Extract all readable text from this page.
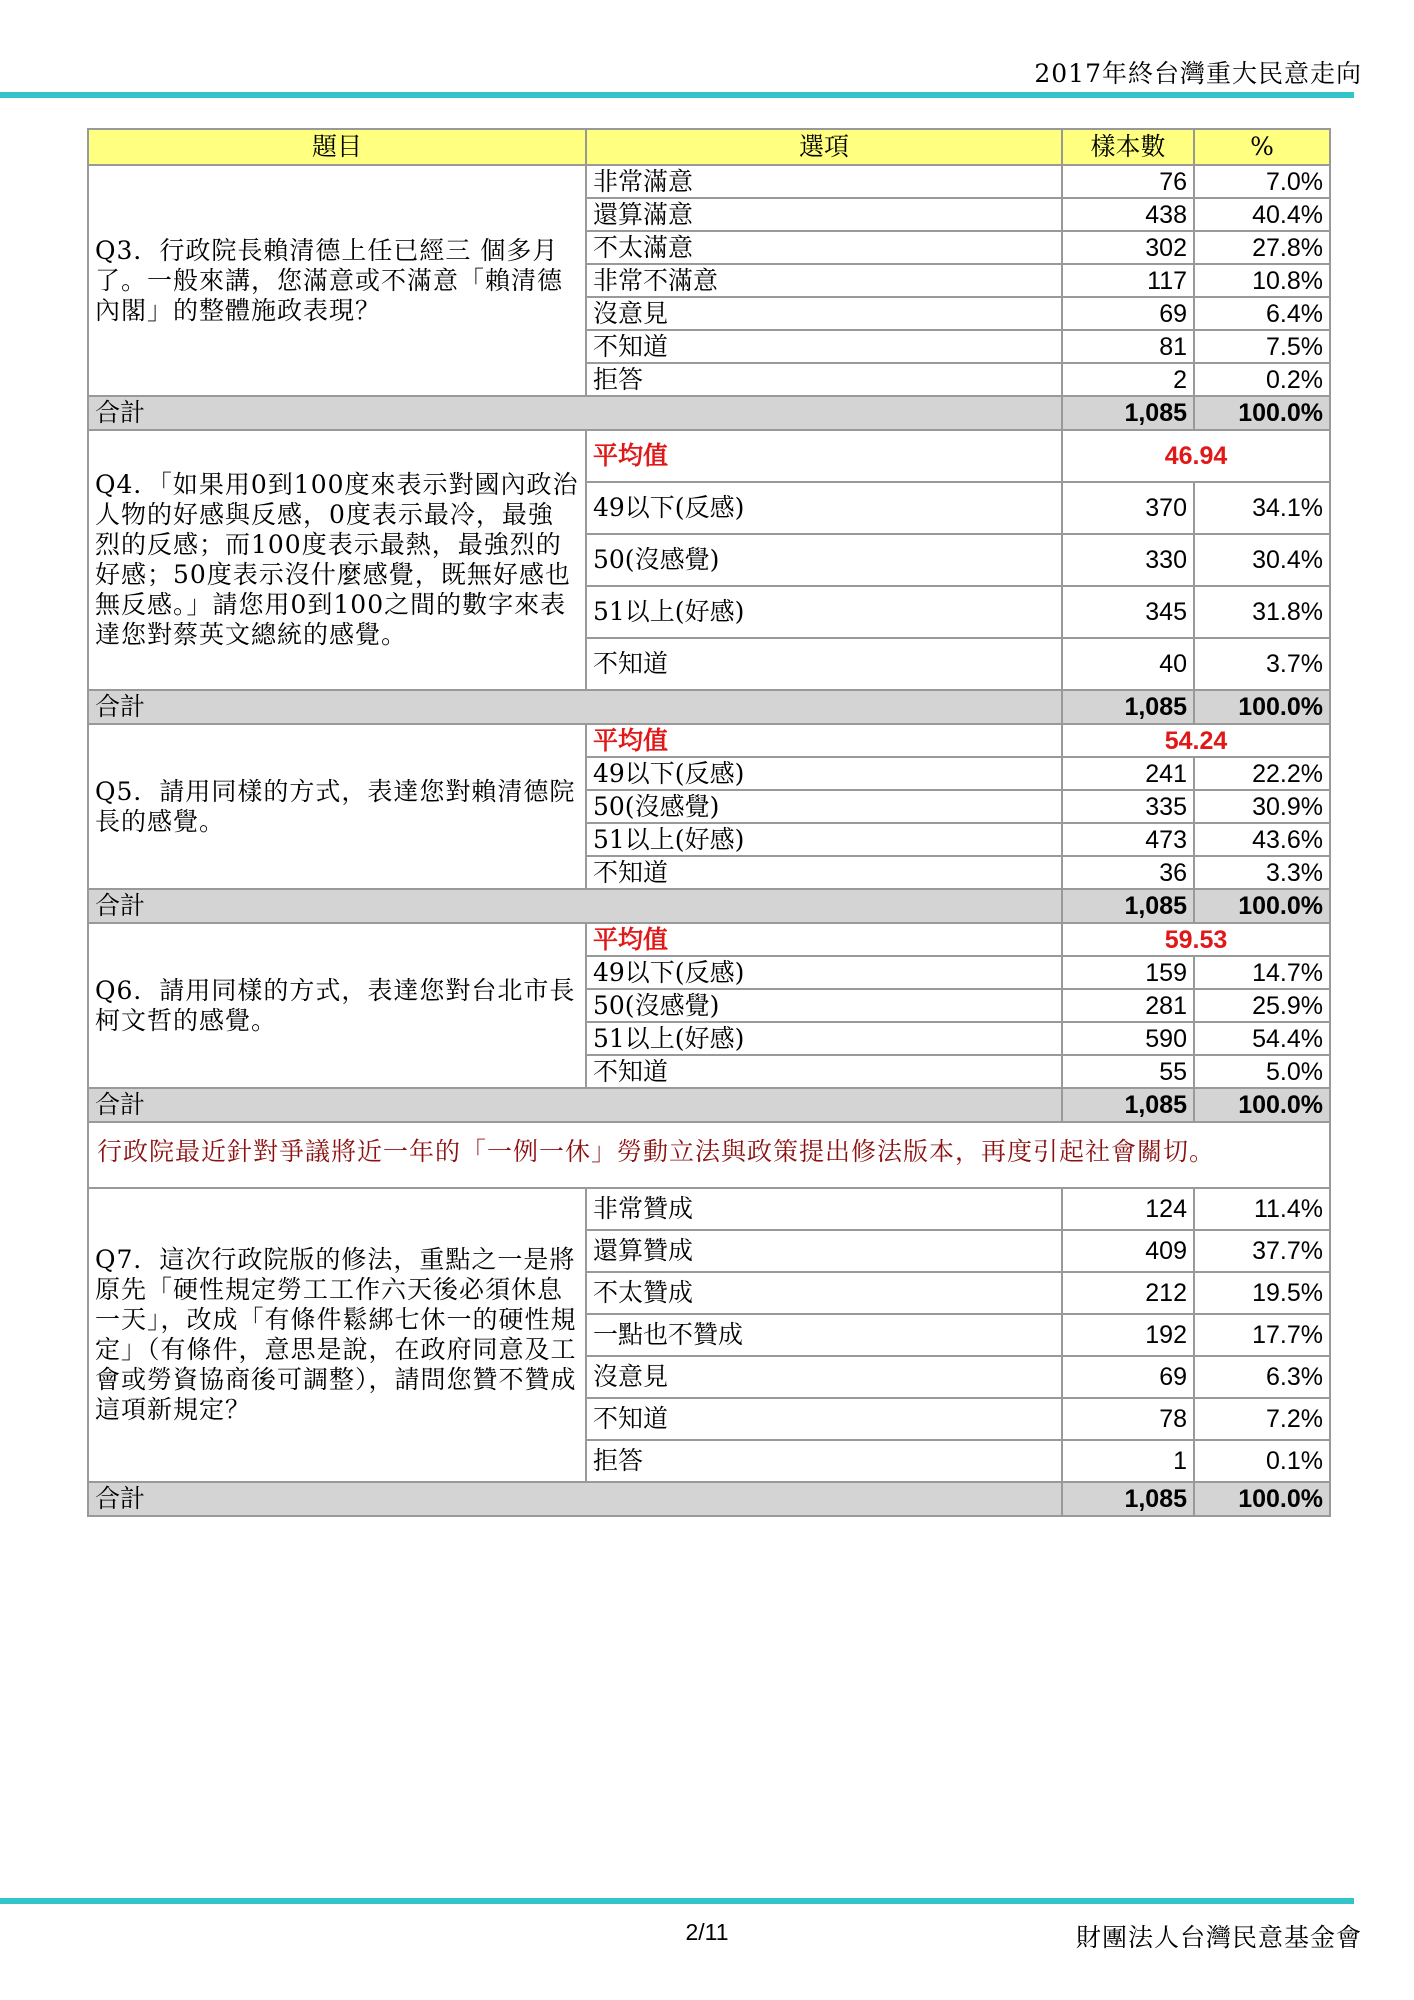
2017年終台灣重大民意走向
題目	選項	樣本數	%
Q3．行政院長賴清德上任已經三 個多月了。一般來講，您滿意或不滿意「賴清德內閣」的整體施政表現？	非常滿意	76	7.0%
	還算滿意	438	40.4%
	不太滿意	302	27.8%
	非常不滿意	117	10.8%
	沒意見	69	6.4%
	不知道	81	7.5%
	拒答	2	0.2%
合計		1,085	100.0%
Q4．「如果用0到100度來表示對國內政治人物的好感與反感，0度表示最冷，最強烈的反感；而100度表示最熱，最強烈的好感；50度表示沒什麼感覺，既無好感也無反感。」請您用0到100之間的數字來表達您對蔡英文總統的感覺。	平均值	46.94	
	49以下(反感)	370	34.1%
	50(沒感覺)	330	30.4%
	51以上(好感)	345	31.8%
	不知道	40	3.7%
合計		1,085	100.0%
Q5．請用同樣的方式，表達您對賴清德院長的感覺。	平均值	54.24	
	49以下(反感)	241	22.2%
	50(沒感覺)	335	30.9%
	51以上(好感)	473	43.6%
	不知道	36	3.3%
合計		1,085	100.0%
Q6．請用同樣的方式，表達您對台北市長柯文哲的感覺。	平均值	59.53	
	49以下(反感)	159	14.7%
	50(沒感覺)	281	25.9%
	51以上(好感)	590	54.4%
	不知道	55	5.0%
合計		1,085	100.0%
行政院最近針對爭議將近一年的「一例一休」勞動立法與政策提出修法版本，再度引起社會關切。			
Q7．這次行政院版的修法，重點之一是將原先「硬性規定勞工工作六天後必須休息一天」，改成「有條件鬆綁七休一的硬性規定」（有條件，意思是說，在政府同意及工會或勞資協商後可調整），請問您贊不贊成這項新規定？	非常贊成	124	11.4%
	還算贊成	409	37.7%
	不太贊成	212	19.5%
	一點也不贊成	192	17.7%
	沒意見	69	6.3%
	不知道	78	7.2%
	拒答	1	0.1%
合計		1,085	100.0%
2/11	財團法人台灣民意基金會
